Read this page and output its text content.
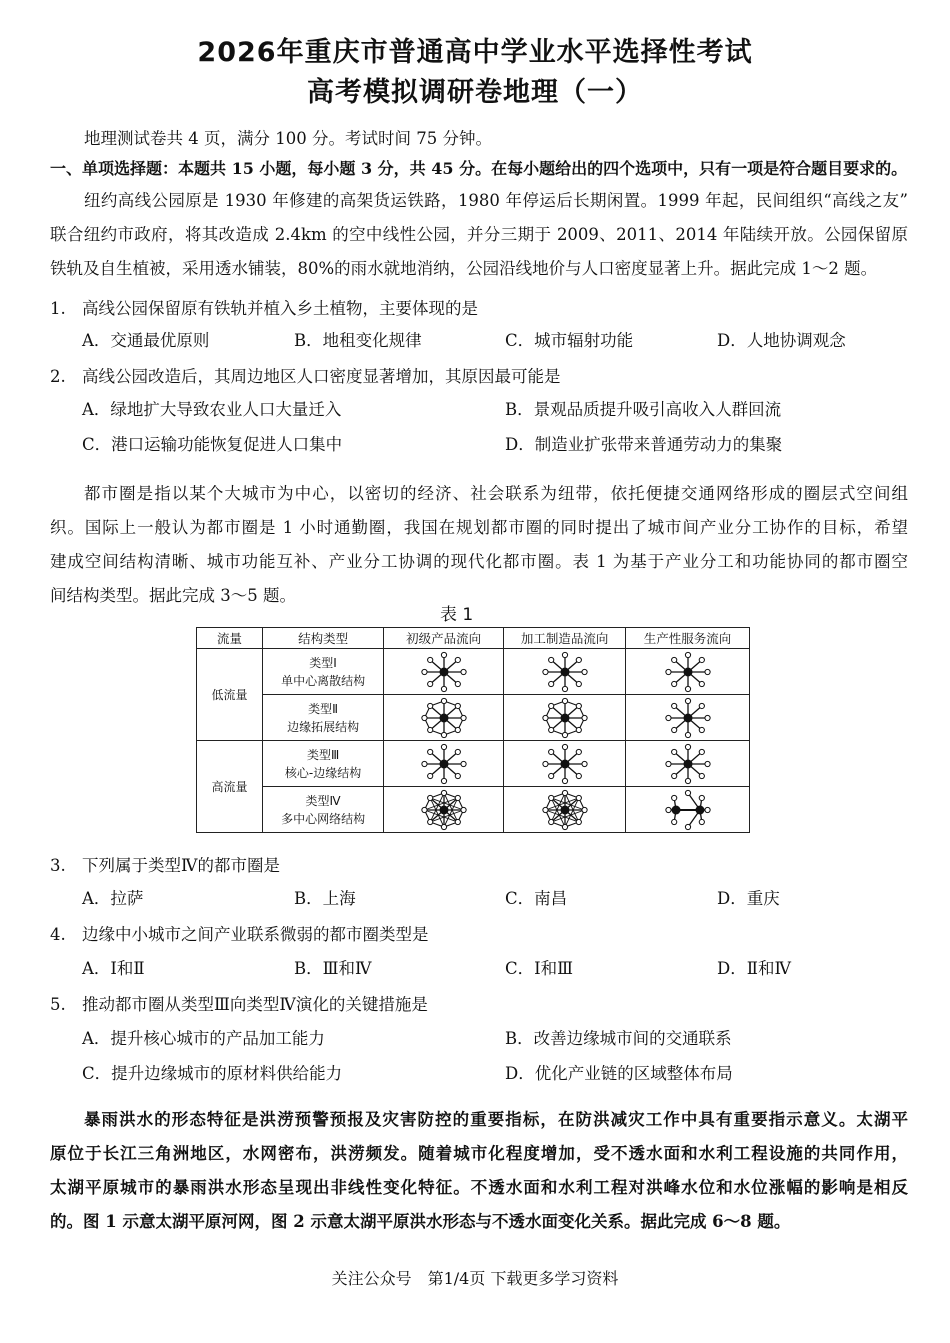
2026年重庆市普通高中学业水平选择性考试
高考模拟调研卷地理（一）
地理测试卷共 4 页，满分 100 分。考试时间 75 分钟。
一、单项选择题：本题共 15 小题，每小题 3 分，共 45 分。在每小题给出的四个选项中，只有一项是符合题目要求的。
纽约高线公园原是 1930 年修建的高架货运铁路，1980 年停运后长期闲置。1999 年起，民间组织“高线之友”
联合纽约市政府，将其改造成 2.4km 的空中线性公园，并分三期于 2009、2011、2014 年陆续开放。公园保留原
铁轨及自生植被，采用透水铺装，80%的雨水就地消纳，公园沿线地价与人口密度显著上升。据此完成 1～2 题。
1. 高线公园保留原有铁轨并植入乡土植物，主要体现的是
A．交通最优原则	B．地租变化规律	C．城市辐射功能	D．人地协调观念
2. 高线公园改造后，其周边地区人口密度显著增加，其原因最可能是
A．绿地扩大导致农业人口大量迁入	B．景观品质提升吸引高收入人群回流
C．港口运输功能恢复促进人口集中	D．制造业扩张带来普通劳动力的集聚
都市圈是指以某个大城市为中心，以密切的经济、社会联系为纽带，依托便捷交通网络形成的圈层式空间组
织。国际上一般认为都市圈是 1 小时通勤圈，我国在规划都市圈的同时提出了城市间产业分工协作的目标，希望
建成空间结构清晰、城市功能互补、产业分工协调的现代化都市圈。表 1 为基于产业分工和功能协同的都市圈空
间结构类型。据此完成 3～5 题。
表 1
流量	结构类型	初级产品流向	加工制造品流向	生产性服务流向
低流量	类型Ⅰ
单中心离散结构

	类型Ⅱ
边缘拓展结构

高流量	类型Ⅲ
核心-边缘结构

	类型Ⅳ
多中心网络结构

3. 下列属于类型Ⅳ的都市圈是
A．拉萨	B．上海	C．南昌	D．重庆
4. 边缘中小城市之间产业联系微弱的都市圈类型是
A．Ⅰ和Ⅱ	B．Ⅲ和Ⅳ	C．Ⅰ和Ⅲ	D．Ⅱ和Ⅳ
5. 推动都市圈从类型Ⅲ向类型Ⅳ演化的关键措施是
A．提升核心城市的产品加工能力	B．改善边缘城市间的交通联系
C．提升边缘城市的原材料供给能力	D．优化产业链的区域整体布局
暴雨洪水的形态特征是洪涝预警预报及灾害防控的重要指标，在防洪减灾工作中具有重要指示意义。太湖平
原位于长江三角洲地区，水网密布，洪涝频发。随着城市化程度增加，受不透水面和水利工程设施的共同作用，
太湖平原城市的暴雨洪水形态呈现出非线性变化特征。不透水面和水利工程对洪峰水位和水位涨幅的影响是相反
的。图 1 示意太湖平原河网，图 2 示意太湖平原洪水形态与不透水面变化关系。据此完成 6～8 题。
关注公众号　第1/4页 下载更多学习资料
